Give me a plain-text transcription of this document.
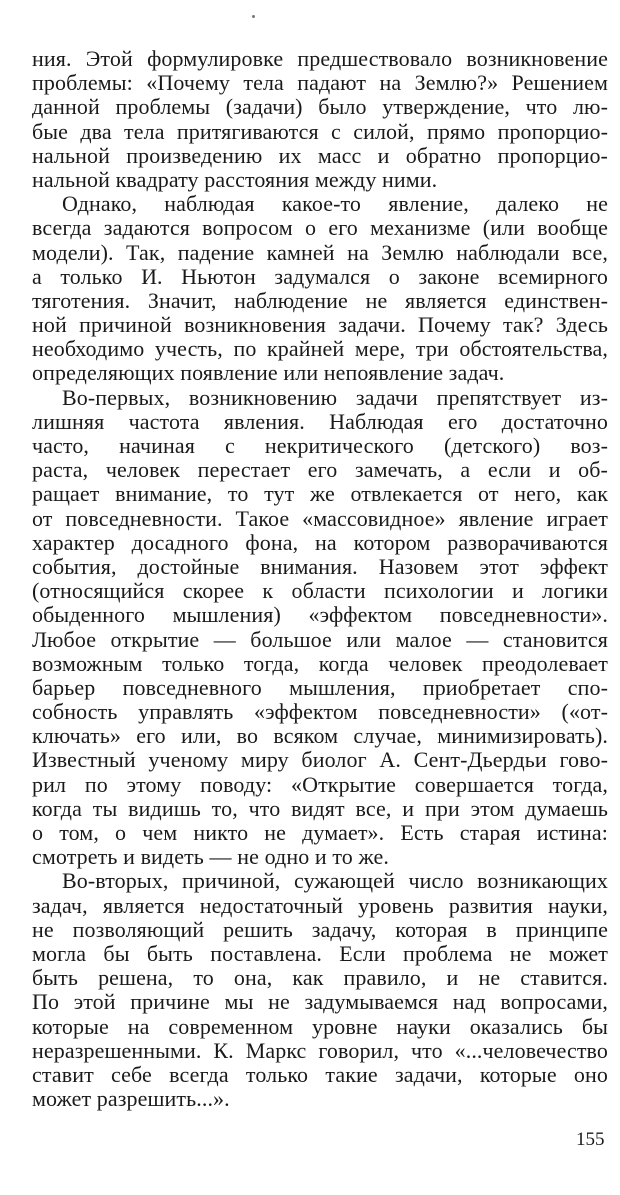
ния. Этой формулировке предшествовало возникновение
проблемы: «Почему тела падают на Землю?» Решением
данной проблемы (задачи) было утверждение, что лю-
бые два тела притягиваются с силой, прямо пропорцио-
нальной произведению их масс и обратно пропорцио-
нальной квадрату расстояния между ними.
Однако, наблюдая какое-то явление, далеко не
всегда задаются вопросом о его механизме (или вообще
модели). Так, падение камней на Землю наблюдали все,
а только И. Ньютон задумался о законе всемирного
тяготения. Значит, наблюдение не является единствен-
ной причиной возникновения задачи. Почему так? Здесь
необходимо учесть, по крайней мере, три обстоятельства,
определяющих появление или непоявление задач.
Во-первых, возникновению задачи препятствует из-
лишняя частота явления. Наблюдая его достаточно
часто, начиная с некритического (детского) воз-
раста, человек перестает его замечать, а если и об-
ращает внимание, то тут же отвлекается от него, как
от повседневности. Такое «массовидное» явление играет
характер досадного фона, на котором разворачиваются
события, достойные внимания. Назовем этот эффект
(относящийся скорее к области психологии и логики
обыденного мышления) «эффектом повседневности».
Любое открытие — большое или малое — становится
возможным только тогда, когда человек преодолевает
барьер повседневного мышления, приобретает спо-
собность управлять «эффектом повседневности» («от-
ключать» его или, во всяком случае, минимизировать).
Известный ученому миру биолог А. Сент-Дьердьи гово-
рил по этому поводу: «Открытие совершается тогда,
когда ты видишь то, что видят все, и при этом думаешь
о том, о чем никто не думает». Есть старая истина:
смотреть и видеть — не одно и то же.
Во-вторых, причиной, сужающей число возникающих
задач, является недостаточный уровень развития науки,
не позволяющий решить задачу, которая в принципе
могла бы быть поставлена. Если проблема не может
быть решена, то она, как правило, и не ставится.
По этой причине мы не задумываемся над вопросами,
которые на современном уровне науки оказались бы
неразрешенными. К. Маркс говорил, что «...человечество
ставит себе всегда только такие задачи, которые оно
может разрешить...».
155
